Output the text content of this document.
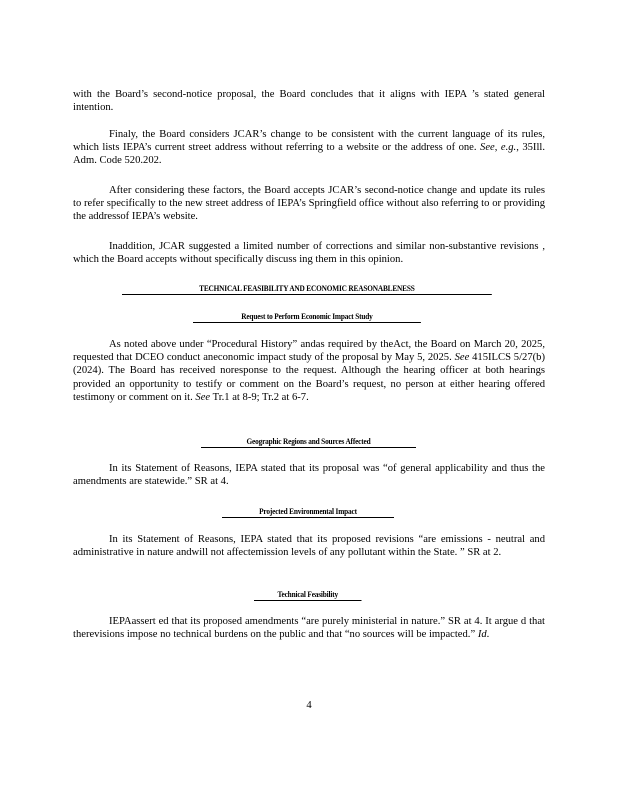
with the Board’s second-notice proposal, the Board concludes that it aligns with IEPA ’s stated general intention.

Finaly, the Board considers JCAR’s change to be consistent with the current language of its rules, which lists IEPA’s current street address without referring to a website or the address of one. See, e.g., 35Ill. Adm. Code 520.202.

After considering these factors, the Board accepts JCAR’s second-notice change and update its rules to refer specifically to the new street address of IEPA’s Springfield office without also referring to or providing the addressof IEPA’s website.

Inaddition, JCAR suggested a limited number of corrections and similar non-substantive revisions , which the Board accepts without specifically discuss ing them in this opinion.

TECHNICAL FEASIBILITY AND ECONOMIC REASONABLENESS
Request to Perform Economic Impact Study

As noted above under “Procedural History” andas required by theAct, the Board on March 20, 2025, requested that DCEO conduct aneconomic impact study of the proposal by May 5, 2025. See 415ILCS 5/27(b) (2024). The Board has received noresponse to the request. Although the hearing officer at both hearings provided an opportunity to testify or comment on the Board’s request, no person at either hearing offered testimony or comment on it. See Tr.1 at 8-9; Tr.2 at 6-7.

Geographic Regions and Sources Affected

In its Statement of Reasons, IEPA stated that its proposal was “of general applicability and thus the amendments are statewide.” SR at 4.

Projected Environmental Impact

In its Statement of Reasons, IEPA stated that its proposed revisions “are emissions - neutral and administrative in nature andwill not affectemission levels of any pollutant within the State. ” SR at 2.

Technical Feasibility

IEPAassert ed that its proposed amendments “are purely ministerial in nature.” SR at 4. It argue d that therevisions impose no technical burdens on the public and that “no sources will be impacted.” Id.

4
